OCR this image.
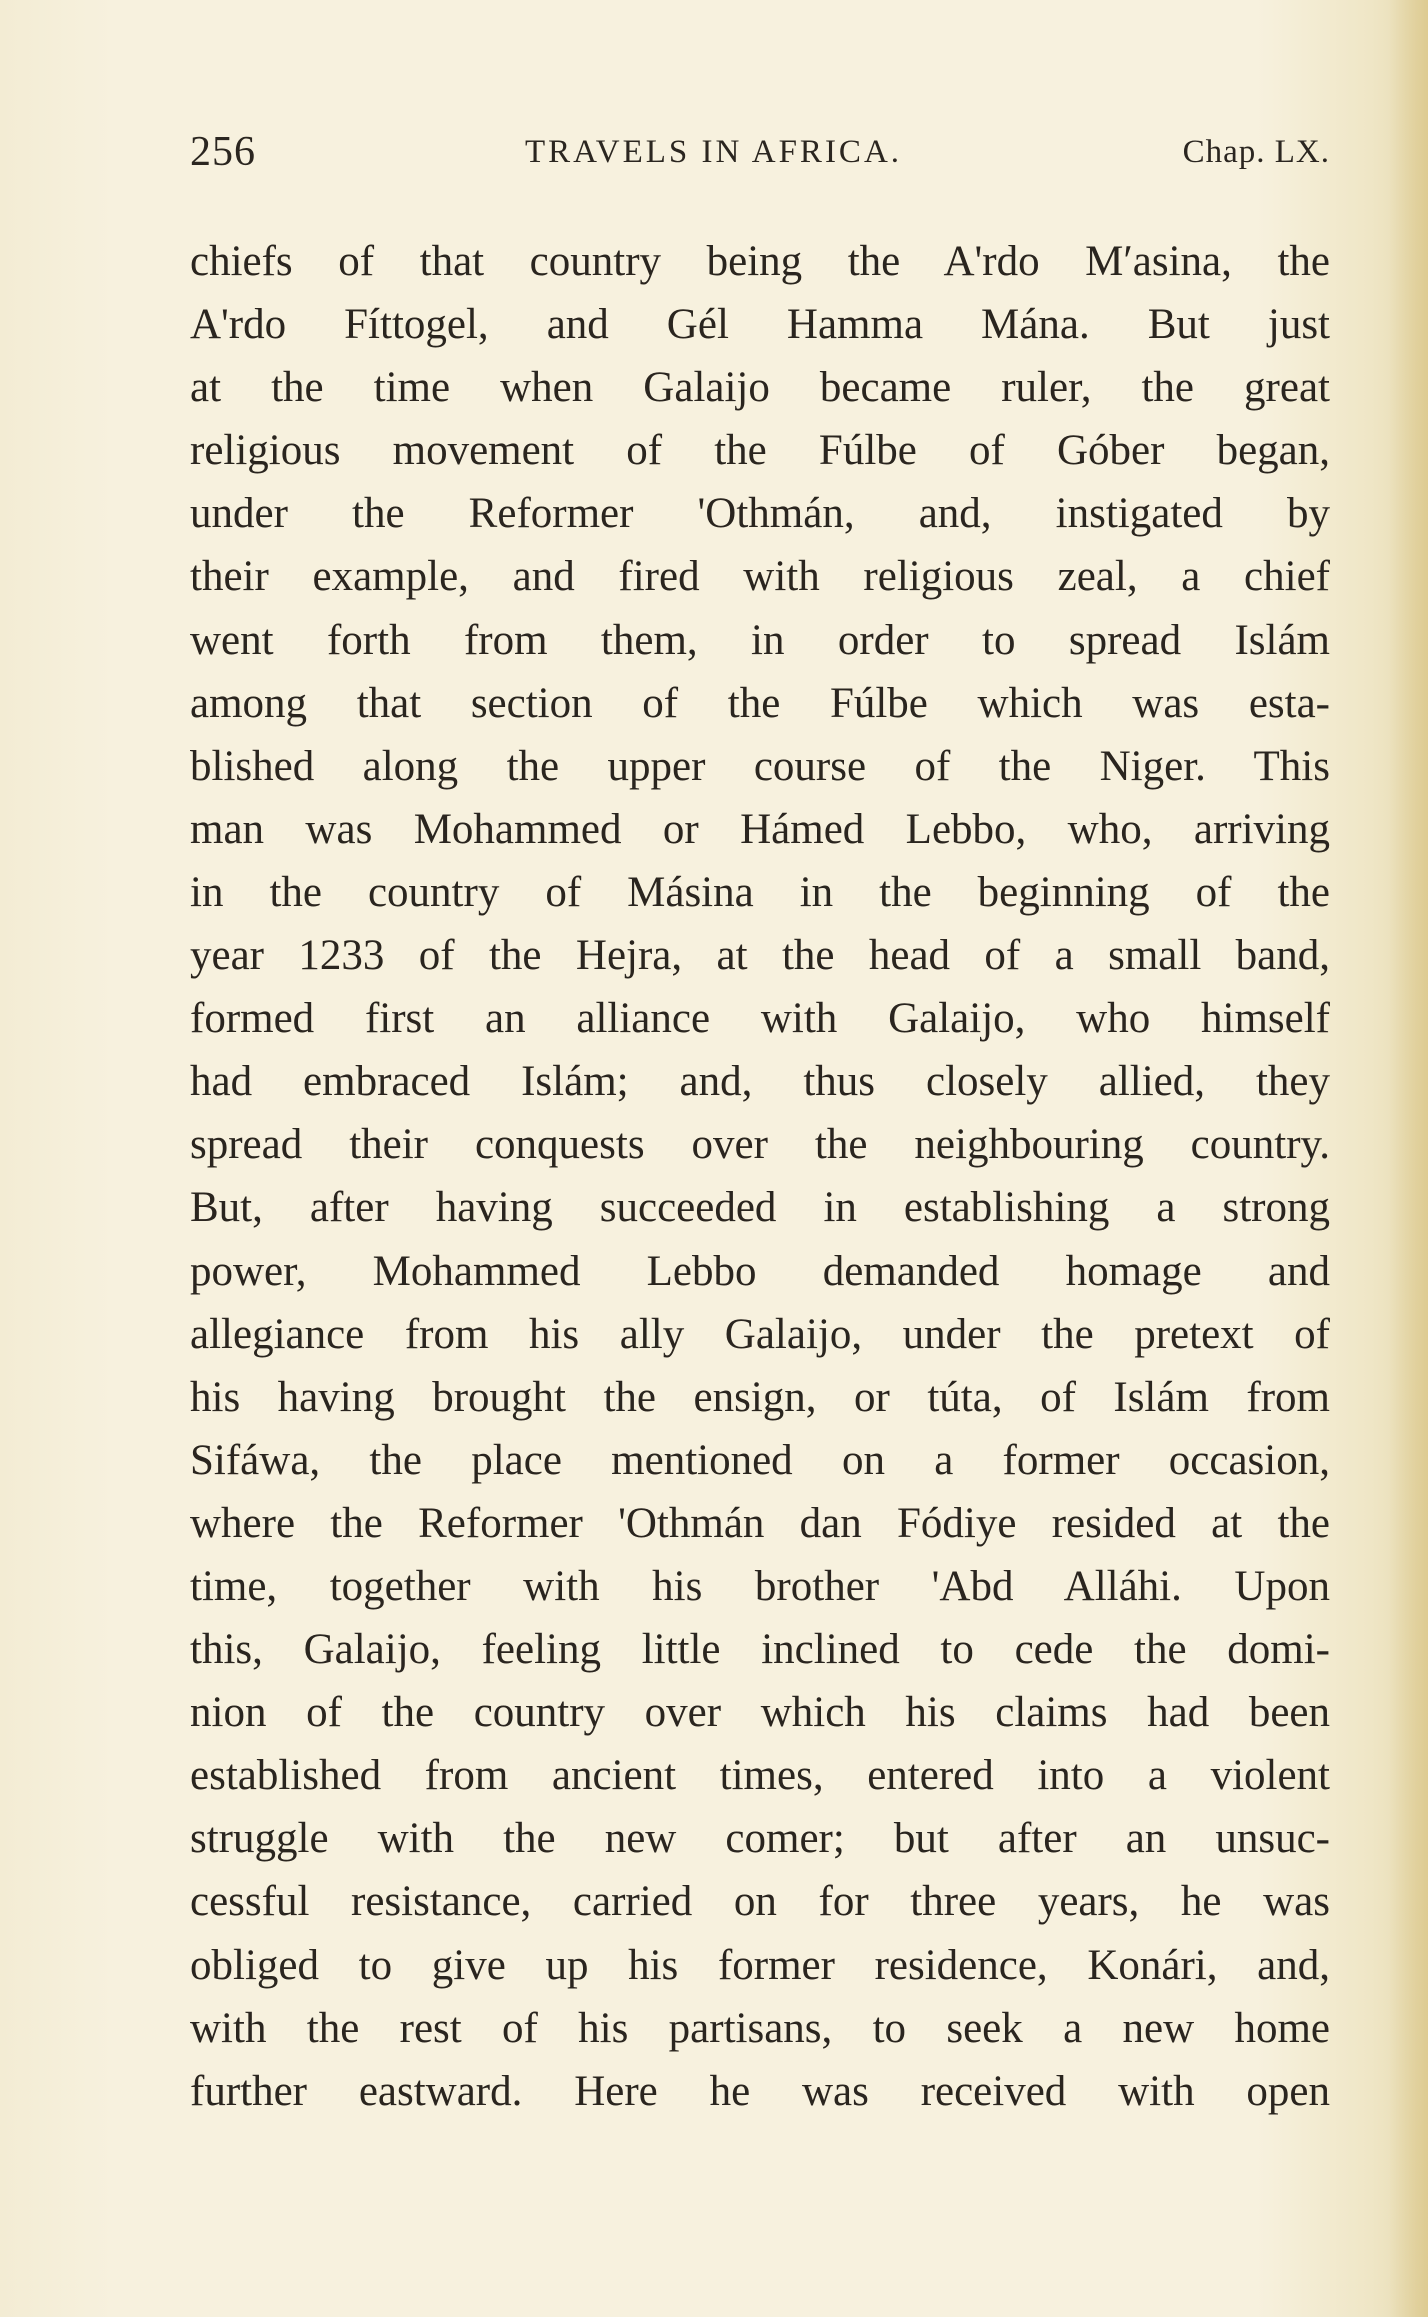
256	TRAVELS IN AFRICA.	Chap. LX.
chiefs of that country being the A'rdo Mʹasina, the
A'rdo Fíttogel, and Gél Hamma Mána. But just
at the time when Galaijo became ruler, the great
religious movement of the Fúlbe of Góber began,
under the Reformer 'Othmán, and, instigated by
their example, and fired with religious zeal, a chief
went forth from them, in order to spread Islám
among that section of the Fúlbe which was esta-
blished along the upper course of the Niger. This
man was Mohammed or Hámed Lebbo, who, arriving
in the country of Másina in the beginning of the
year 1233 of the Hejra, at the head of a small band,
formed first an alliance with Galaijo, who himself
had embraced Islám; and, thus closely allied, they
spread their conquests over the neighbouring country.
But, after having succeeded in establishing a strong
power, Mohammed Lebbo demanded homage and
allegiance from his ally Galaijo, under the pretext of
his having brought the ensign, or túta, of Islám from
Sifáwa, the place mentioned on a former occasion,
where the Reformer 'Othmán dan Fódiye resided at the
time, together with his brother 'Abd Alláhi. Upon
this, Galaijo, feeling little inclined to cede the domi-
nion of the country over which his claims had been
established from ancient times, entered into a violent
struggle with the new comer; but after an unsuc-
cessful resistance, carried on for three years, he was
obliged to give up his former residence, Konári, and,
with the rest of his partisans, to seek a new home
further eastward. Here he was received with open
